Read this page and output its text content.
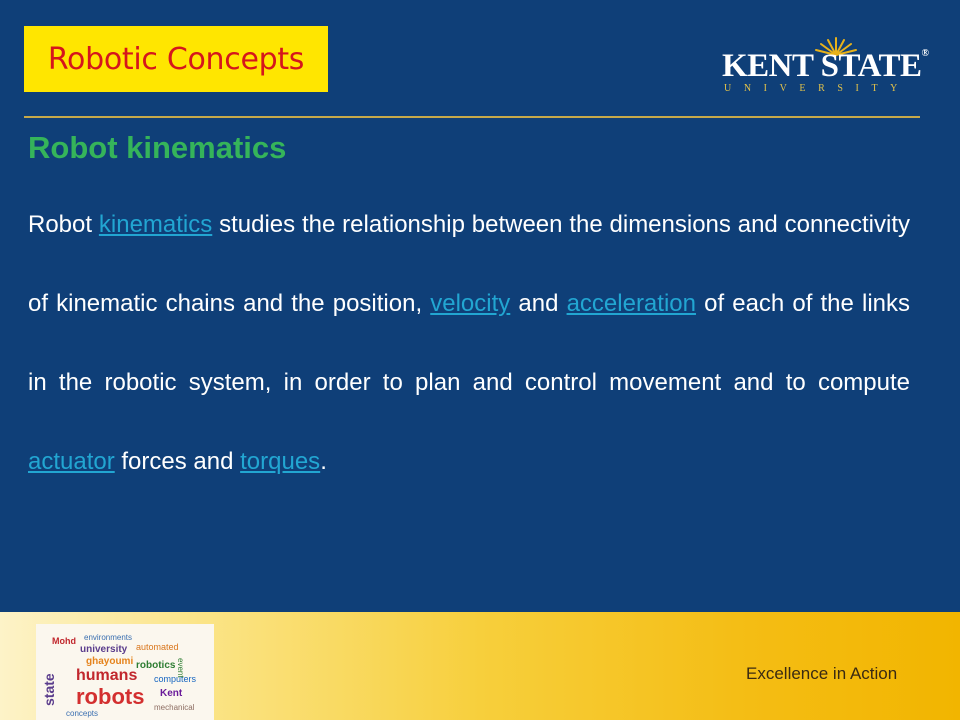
Robotic Concepts	KENT STATE®
UNIVERSITY
Robot kinematics

Robot kinematics studies the relationship between the dimensions and connectivity of kinematic chains and the position, velocity and acceleration of each of the links in the robotic system, in order to plan and control movement and to compute actuator forces and torques.

Mohd environments
university automated
ghayoumi robotics
humans computers
robots Kent
mechanical
event
state
concepts
Excellence in Action
